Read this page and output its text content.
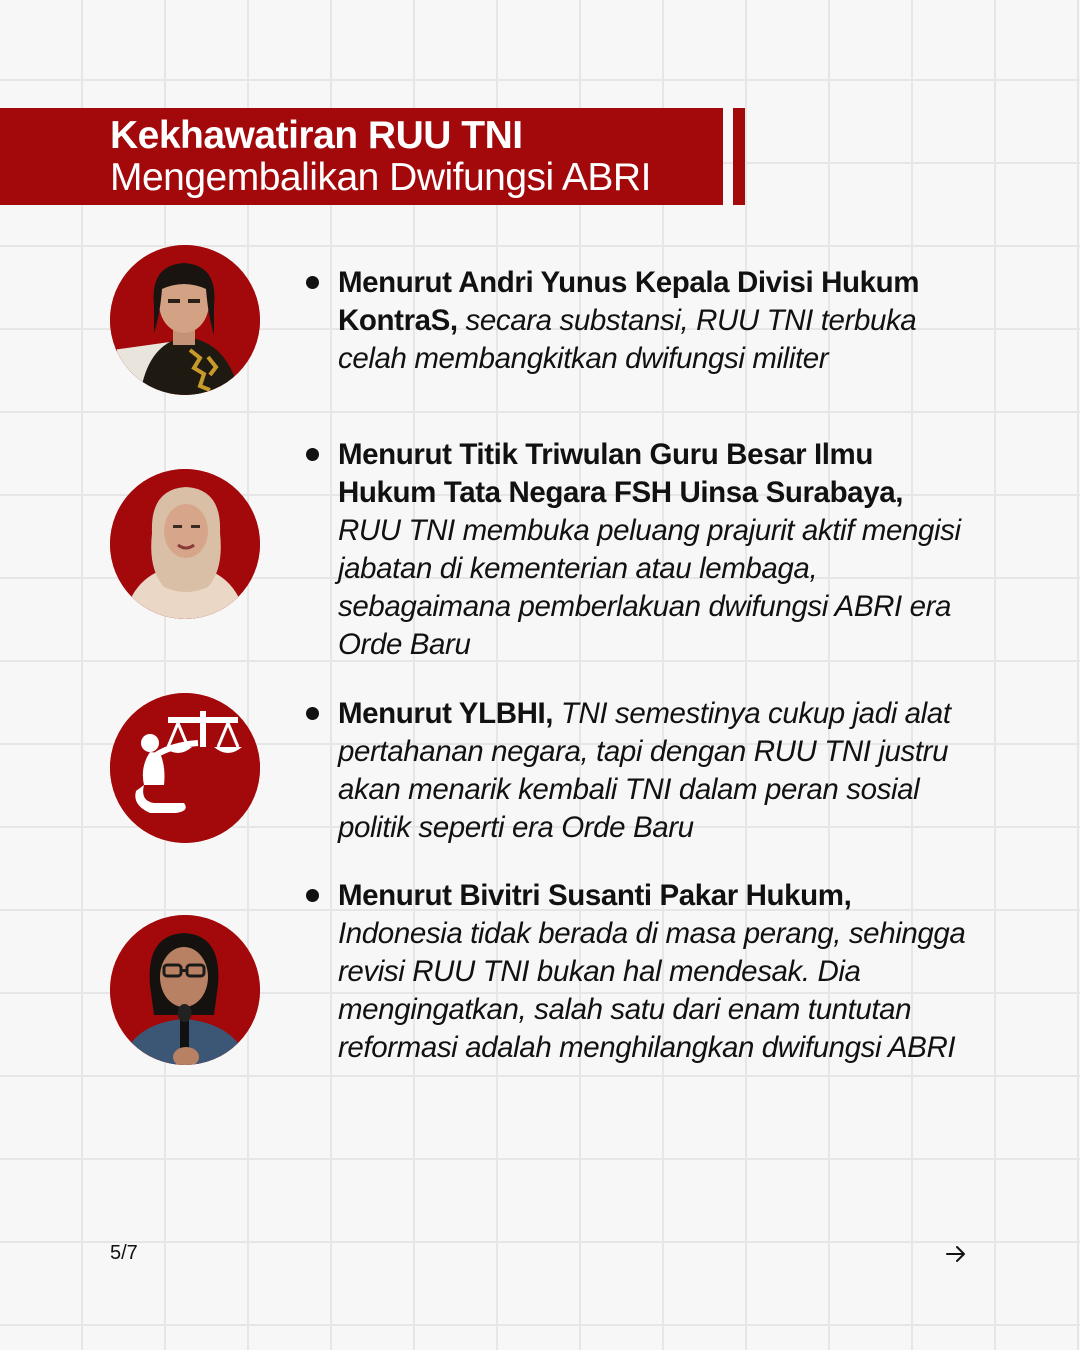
Kekhawatiran RUU TNI
Mengembalikan Dwifungsi ABRI
Menurut Andri Yunus Kepala Divisi Hukum KontraS, secara substansi, RUU TNI terbuka celah membangkitkan dwifungsi militer
Menurut Titik Triwulan Guru Besar Ilmu Hukum Tata Negara FSH Uinsa Surabaya, RUU TNI membuka peluang prajurit aktif mengisi jabatan di kementerian atau lembaga, sebagaimana pemberlakuan dwifungsi ABRI era Orde Baru
Menurut YLBHI, TNI semestinya cukup jadi alat pertahanan negara, tapi dengan RUU TNI justru akan menarik kembali TNI dalam peran sosial politik seperti era Orde Baru
Menurut Bivitri Susanti Pakar Hukum, Indonesia tidak berada di masa perang, sehingga revisi RUU TNI bukan hal mendesak. Dia mengingatkan, salah satu dari enam tuntutan reformasi adalah menghilangkan dwifungsi ABRI
5/7
